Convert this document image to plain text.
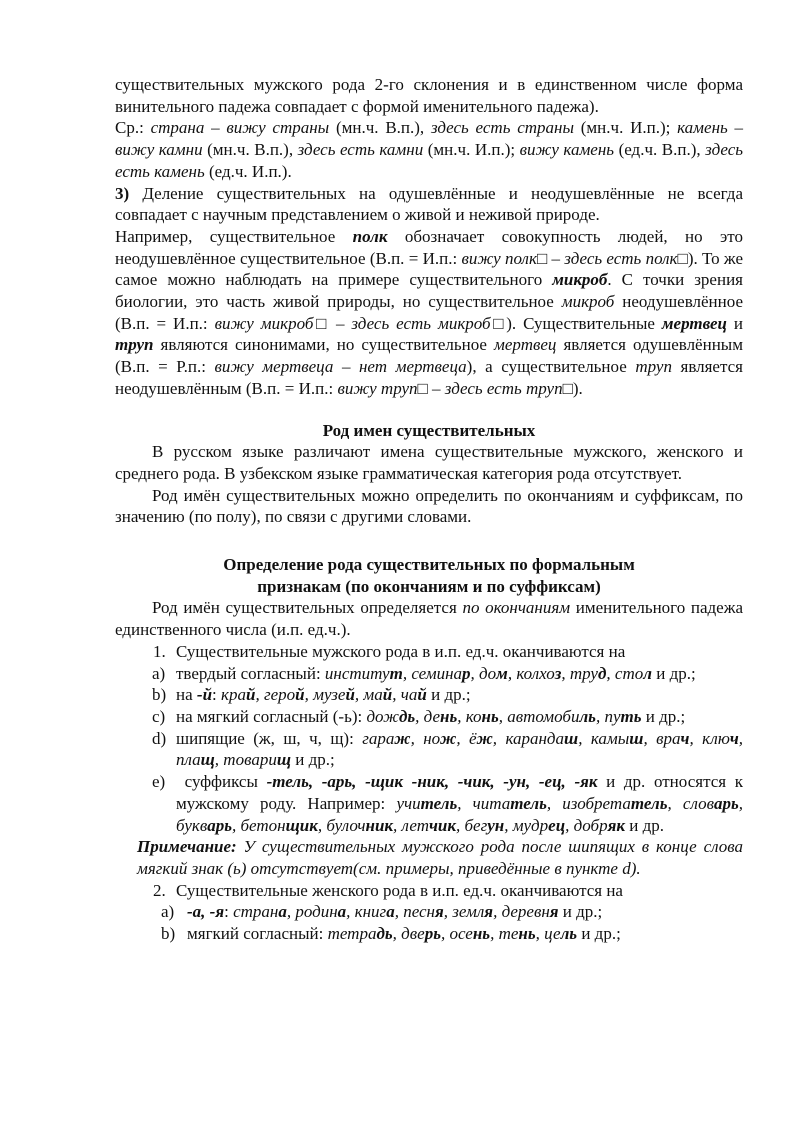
существительных мужского рода 2-го склонения и в единственном числе форма винительного падежа совпадает с формой именительного падежа).

Ср.: страна – вижу страны (мн.ч. В.п.), здесь есть страны (мн.ч. И.п.); камень – вижу камни (мн.ч. В.п.), здесь есть камни (мн.ч. И.п.); вижу камень (ед.ч. В.п.), здесь есть камень (ед.ч. И.п.).

3) Деление существительных на одушевлённые и неодушевлённые не всегда совпадает с научным представлением о живой и неживой природе.

Например, существительное полк обозначает совокупность людей, но это неодушевлённое существительное (В.п. = И.п.: вижу полк□ – здесь есть полк□). То же самое можно наблюдать на примере существительного микроб. С точки зрения биологии, это часть живой природы, но существительное микроб неодушевлённое (В.п. = И.п.: вижу микроб□ – здесь есть микроб□). Существительные мертвец и труп являются синонимами, но существительное мертвец является одушевлённым (В.п. = Р.п.: вижу мертвеца – нет мертвеца), а существительное труп является неодушевлённым (В.п. = И.п.: вижу труп□ – здесь есть труп□).

Род имен существительных

В русском языке различают имена существительные мужского, женского и среднего рода. В узбекском языке грамматическая категория рода отсутствует.

Род имён существительных можно определить по окончаниям и суффиксам, по значению (по полу), по связи с другими словами.

Определение рода существительных по формальным

признакам (по окончаниям и по суффиксам)

Род имён существительных определяется по окончаниям именительного падежа единственного числа (и.п. ед.ч.).

1. Существительные мужского рода в и.п. ед.ч. оканчиваются на
a) твердый согласный: институт, семинар, дом, колхоз, труд, стол и др.;
b) на -й: край, герой, музей, май, чай и др.;
c) на мягкий согласный (-ь): дождь, день, конь, автомобиль, путь и др.;
d) шипящие (ж, ш, ч, щ): гараж, нож, ёж, карандаш, камыш, врач, ключ, плащ, товарищ и др.;
e) суффиксы -тель, -арь, -щик -ник, -чик, -ун, -ец, -як и др. относятся к мужскому роду. Например: учитель, читатель, изобретатель, словарь, букварь, бетонщик, булочник, летчик, бегун, мудрец, добряк и др.

Примечание: У существительных мужского рода после шипящих в конце слова мягкий знак (ь) отсутствует(см. примеры, приведённые в пункте d).

2. Существительные женского рода в и.п. ед.ч. оканчиваются на
a) -а, -я: страна, родина, книга, песня, земля, деревня и др.;
b) мягкий согласный: тетрадь, дверь, осень, тень, цель и др.;
